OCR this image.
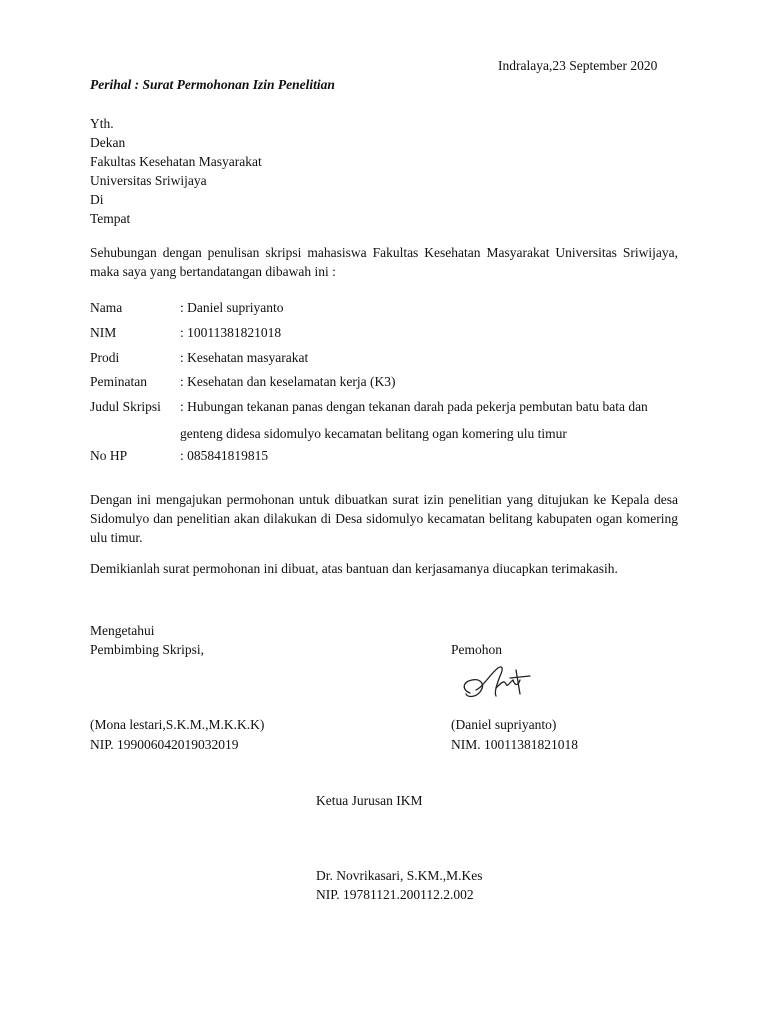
Indralaya,23 September 2020
Perihal : Surat Permohonan Izin Penelitian
Yth.
Dekan
Fakultas Kesehatan Masyarakat
Universitas Sriwijaya
Di
Tempat
Sehubungan dengan penulisan skripsi mahasiswa Fakultas Kesehatan Masyarakat Universitas Sriwijaya, maka saya yang bertandatangan dibawah ini :
Nama	: Daniel supriyanto
NIM	: 10011381821018
Prodi	: Kesehatan masyarakat
Peminatan	: Kesehatan dan keselamatan kerja (K3)
Judul Skripsi	: Hubungan tekanan panas dengan tekanan darah pada pekerja pembutan batu bata dan
genteng didesa sidomulyo kecamatan belitang ogan komering ulu timur
No HP	: 085841819815
Dengan ini mengajukan permohonan untuk dibuatkan surat izin penelitian yang ditujukan ke Kepala desa Sidomulyo dan penelitian akan dilakukan di Desa sidomulyo kecamatan belitang kabupaten ogan komering ulu timur.
Demikianlah surat permohonan ini dibuat, atas bantuan dan kerjasamanya diucapkan terimakasih.
Mengetahui
Pembimbing Skripsi,	Pemohon
(Mona lestari,S.K.M.,M.K.K.K)
NIP. 199006042019032019
(Daniel supriyanto)
NIM. 10011381821018
Ketua Jurusan IKM
Dr. Novrikasari, S.KM.,M.Kes
NIP. 19781121.200112.2.002
